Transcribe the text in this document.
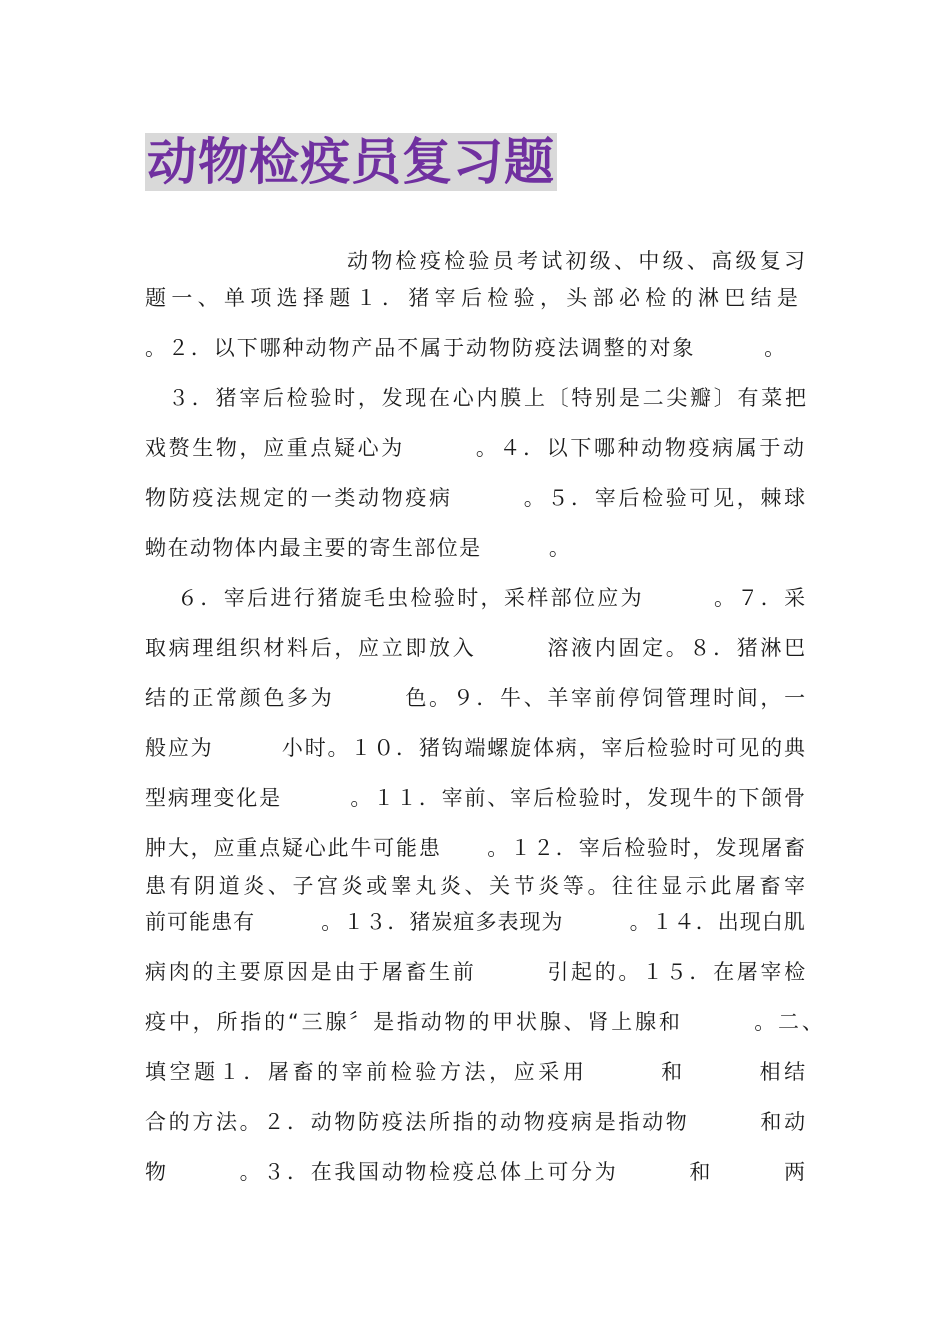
动物检疫员复习题
动物检疫检验员考试初级、中级、高级复习
题一、单项选择题１．猪宰后检验，头部必检的淋巴结是
。２．以下哪种动物产品不属于动物防疫法调整的对象　　　。
３．猪宰后检验时，发现在心内膜上〔特别是二尖瓣〕有菜把
戏赘生物，应重点疑心为　　　。４．以下哪种动物疫病属于动
物防疫法规定的一类动物疫病　　　。５．宰后检验可见，棘球
蚴在动物体内最主要的寄生部位是　　　。
６．宰后进行猪旋毛虫检验时，采样部位应为　　　。７．采
取病理组织材料后，应立即放入　　　溶液内固定。８．猪淋巴
结的正常颜色多为　　　色。９．牛、羊宰前停饲管理时间，一
般应为　　　小时。１０．猪钩端螺旋体病，宰后检验时可见的典
型病理变化是　　　。１１．宰前、宰后检验时，发现牛的下颌骨
肿大，应重点疑心此牛可能患　　。１２．宰后检验时，发现屠畜
患有阴道炎、子宫炎或睾丸炎、关节炎等。往往显示此屠畜宰
前可能患有　　　。１３．猪炭疽多表现为　　　。１４．出现白肌
病肉的主要原因是由于屠畜生前　　　引起的。１５．在屠宰检
疫中，所指的“三腺〞是指动物的甲状腺、肾上腺和　　　。二、
填空题１．屠畜的宰前检验方法，应采用　　　和　　　相结
合的方法。２．动物防疫法所指的动物疫病是指动物　　　和动
物　　　。３．在我国动物检疫总体上可分为　　　和　　　两
